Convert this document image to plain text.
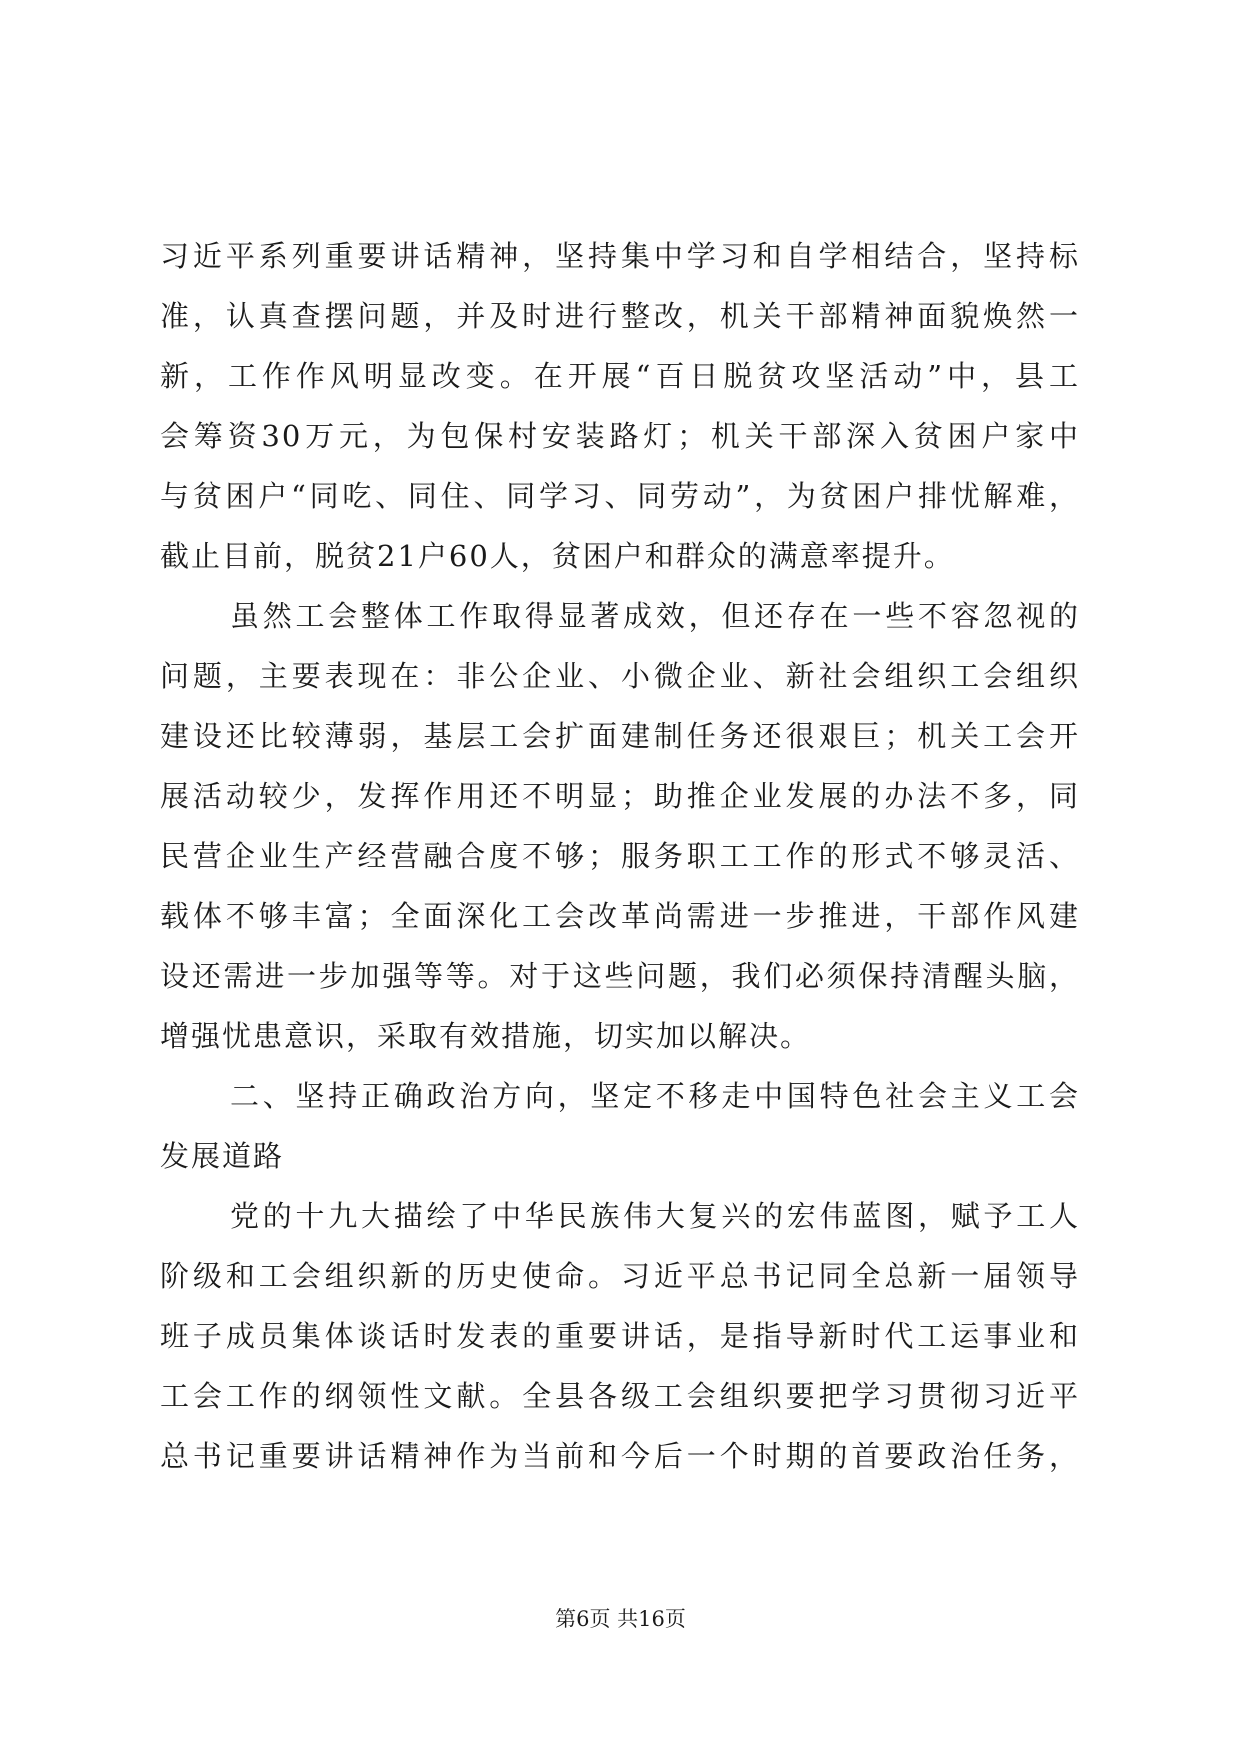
习近平系列重要讲话精神，坚持集中学习和自学相结合，坚持标
准，认真查摆问题，并及时进行整改，机关干部精神面貌焕然一
新，工作作风明显改变。在开展“百日脱贫攻坚活动”中，县工
会筹资30万元，为包保村安装路灯；机关干部深入贫困户家中
与贫困户“同吃、同住、同学习、同劳动”，为贫困户排忧解难，
截止目前，脱贫21户60人，贫困户和群众的满意率提升。
虽然工会整体工作取得显著成效，但还存在一些不容忽视的
问题，主要表现在：非公企业、小微企业、新社会组织工会组织
建设还比较薄弱，基层工会扩面建制任务还很艰巨；机关工会开
展活动较少，发挥作用还不明显；助推企业发展的办法不多，同
民营企业生产经营融合度不够；服务职工工作的形式不够灵活、
载体不够丰富；全面深化工会改革尚需进一步推进，干部作风建
设还需进一步加强等等。对于这些问题，我们必须保持清醒头脑，
增强忧患意识，采取有效措施，切实加以解决。
二、坚持正确政治方向，坚定不移走中国特色社会主义工会
发展道路
党的十九大描绘了中华民族伟大复兴的宏伟蓝图，赋予工人
阶级和工会组织新的历史使命。习近平总书记同全总新一届领导
班子成员集体谈话时发表的重要讲话，是指导新时代工运事业和
工会工作的纲领性文献。全县各级工会组织要把学习贯彻习近平
总书记重要讲话精神作为当前和今后一个时期的首要政治任务，
第6页 共16页
